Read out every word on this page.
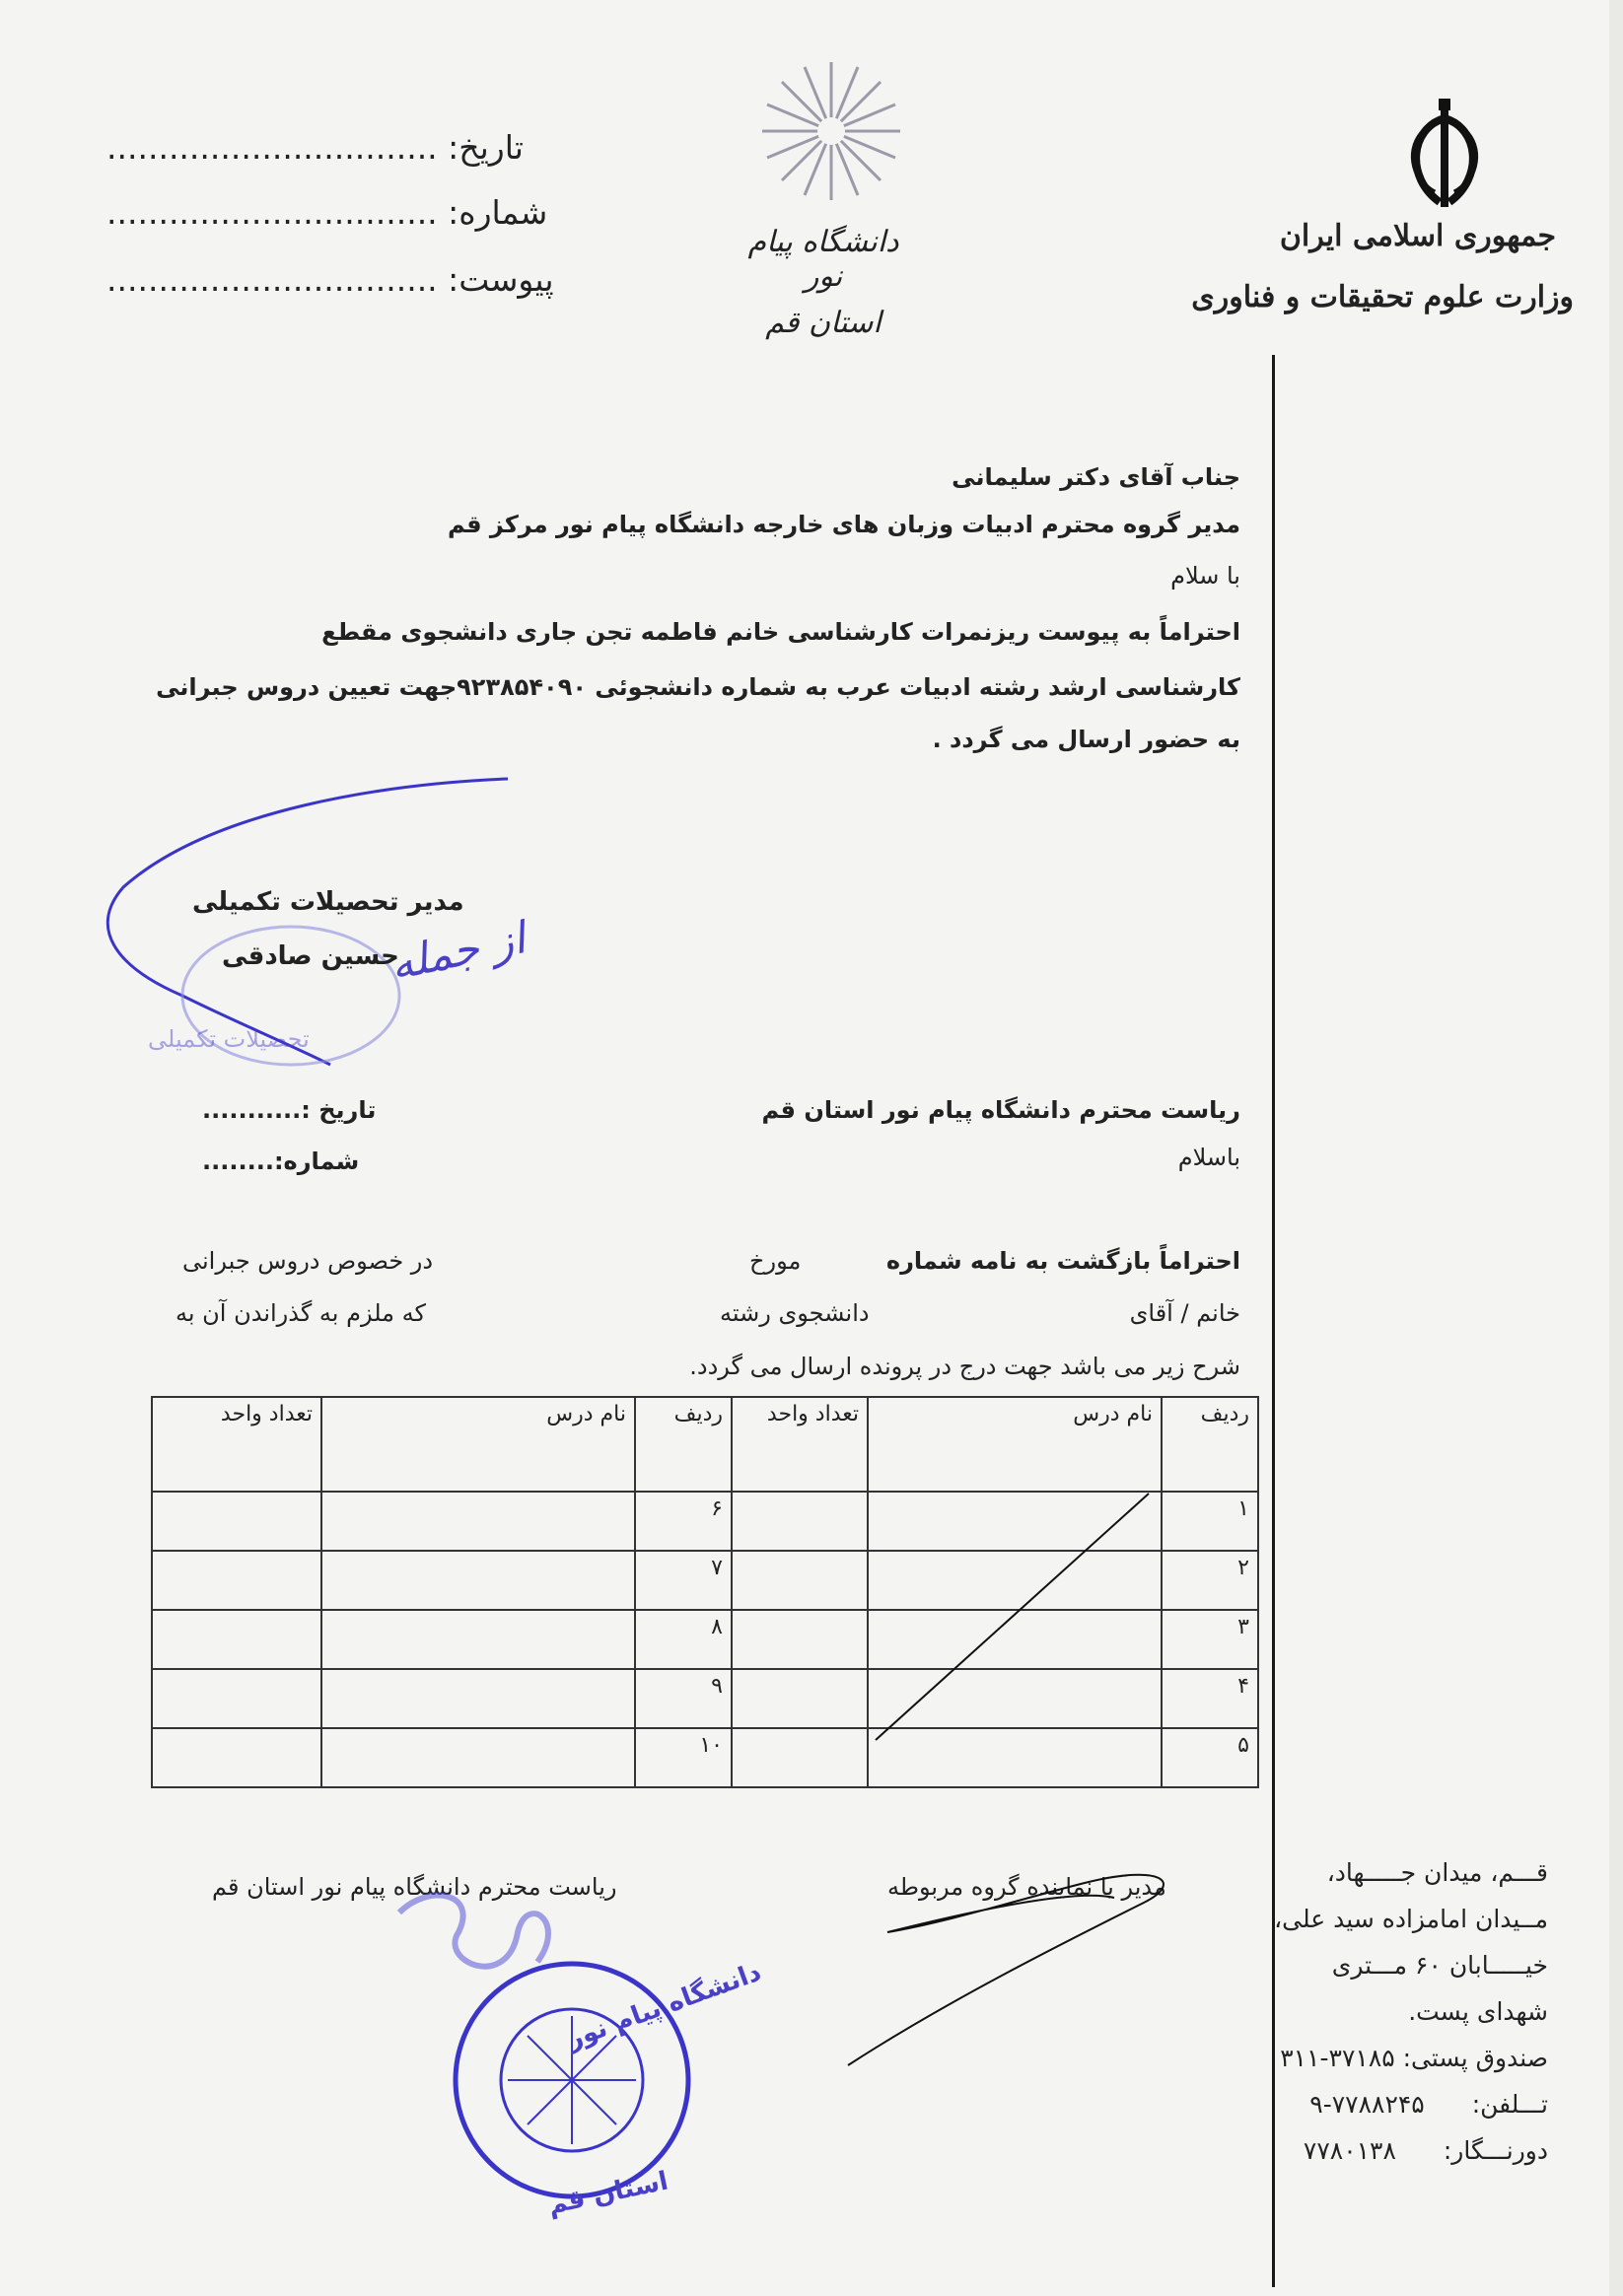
جمهوری اسلامی ایران
وزارت علوم تحقیقات و فناوری
دانشگاه پیام نور
استان قم
................................ تاریخ:
................................ شماره:
................................ پیوست:
جناب آقای دکتر سلیمانی
مدیر گروه محترم ادبیات وزبان های خارجه دانشگاه پیام نور مرکز قم
با سلام
احتراماً به پیوست ریزنمرات کارشناسی خانم فاطمه تجن جاری دانشجوی مقطع
کارشناسی ارشد رشته ادبیات عرب به شماره دانشجوئی ۹۲۳۸۵۴۰۹۰جهت تعیین دروس جبرانی
به حضور ارسال می گردد .
تحصیلات تکمیلی
مدیر تحصیلات تکمیلی
حسین صادقی
از جمله
ریاست محترم دانشگاه پیام نور استان قم
باسلام
تاریخ :...........
شماره:........
احتراماً بازگشت به نامه شماره
مورخ
در خصوص دروس جبرانی
خانم / آقای
دانشجوی رشته
که ملزم به گذراندن آن به
شرح زیر می باشد جهت درج در پرونده ارسال می گردد.
ردیف	نام درس	تعداد واحد	ردیف	نام درس	تعداد واحد
۱			۶		
۲			۷		
۳			۸		
۴			۹		
۵			۱۰		
ریاست محترم دانشگاه پیام نور استان قم	مدیر یا نماینده گروه مربوطه
دانشگاه پیام نور
استان قم
قـــم، میدان جـــــهاد،
مــیدان امامزاده سید علی،
خیـــــابان ۶۰ مـــتری
شهدای پست.
صندوق پستی: ۳۷۱۸۵-۳۱۱
تـــلفن: ۷۷۸۸۲۴۵-۹
دورنـــگار: ۷۷۸۰۱۳۸
